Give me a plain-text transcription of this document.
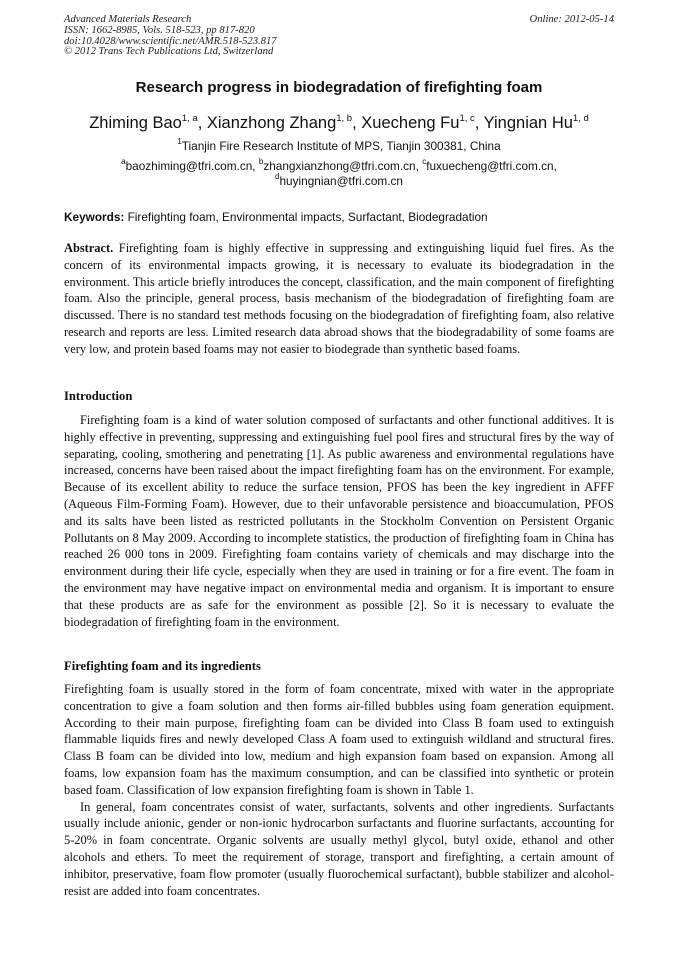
Advanced Materials Research
ISSN: 1662-8985, Vols. 518-523, pp 817-820
doi:10.4028/www.scientific.net/AMR.518-523.817
© 2012 Trans Tech Publications Ltd, Switzerland
Online: 2012-05-14
Research progress in biodegradation of firefighting foam
Zhiming Bao$^{1, a}$, Xianzhong Zhang$^{1, b}$, Xuecheng Fu$^{1, c}$, Yingnian Hu$^{1, d}$
$^1$Tianjin Fire Research Institute of MPS, Tianjin 300381, China
$^a$baozhiming@tfri.com.cn, $^b$zhangxianzhong@tfri.com.cn, $^c$fuxuecheng@tfri.com.cn,
$^d$huyingnian@tfri.com.cn
Keywords: Firefighting foam, Environmental impacts, Surfactant, Biodegradation
Abstract. Firefighting foam is highly effective in suppressing and extinguishing liquid fuel fires. As the concern of its environmental impacts growing, it is necessary to evaluate its biodegradation in the environment. This article briefly introduces the concept, classification, and the main component of firefighting foam. Also the principle, general process, basis mechanism of the biodegradation of firefighting foam are discussed. There is no standard test methods focusing on the biodegradation of firefighting foam, also relative research and reports are less. Limited research data abroad shows that the biodegradability of some foams are very low, and protein based foams may not easier to biodegrade than synthetic based foams.
Introduction
Firefighting foam is a kind of water solution composed of surfactants and other functional additives. It is highly effective in preventing, suppressing and extinguishing fuel pool fires and structural fires by the way of separating, cooling, smothering and penetrating [1]. As public awareness and environmental regulations have increased, concerns have been raised about the impact firefighting foam has on the environment. For example, Because of its excellent ability to reduce the surface tension, PFOS has been the key ingredient in AFFF (Aqueous Film-Forming Foam). However, due to their unfavorable persistence and bioaccumulation, PFOS and its salts have been listed as restricted pollutants in the Stockholm Convention on Persistent Organic Pollutants on 8 May 2009. According to incomplete statistics, the production of firefighting foam in China has reached 26 000 tons in 2009. Firefighting foam contains variety of chemicals and may discharge into the environment during their life cycle, especially when they are used in training or for a fire event. The foam in the environment may have negative impact on environmental media and organism. It is important to ensure that these products are as safe for the environment as possible [2]. So it is necessary to evaluate the biodegradation of firefighting foam in the environment.
Firefighting foam and its ingredients

Firefighting foam is usually stored in the form of foam concentrate, mixed with water in the appropriate concentration to give a foam solution and then forms air-filled bubbles using foam generation equipment. According to their main purpose, firefighting foam can be divided into Class B foam used to extinguish flammable liquids fires and newly developed Class A foam used to extinguish wildland and structural fires. Class B foam can be divided into low, medium and high expansion foam based on expansion. Among all foams, low expansion foam has the maximum consumption, and can be classified into synthetic or protein based foam. Classification of low expansion firefighting foam is shown in Table 1.

In general, foam concentrates consist of water, surfactants, solvents and other ingredients. Surfactants usually include anionic, gender or non-ionic hydrocarbon surfactants and fluorine surfactants, accounting for 5-20% in foam concentrate. Organic solvents are usually methyl glycol, butyl oxide, ethanol and other alcohols and ethers. To meet the requirement of storage, transport and firefighting, a certain amount of inhibitor, preservative, foam flow promoter (usually fluorochemical surfactant), bubble stabilizer and alcohol-resist are added into foam concentrates.
